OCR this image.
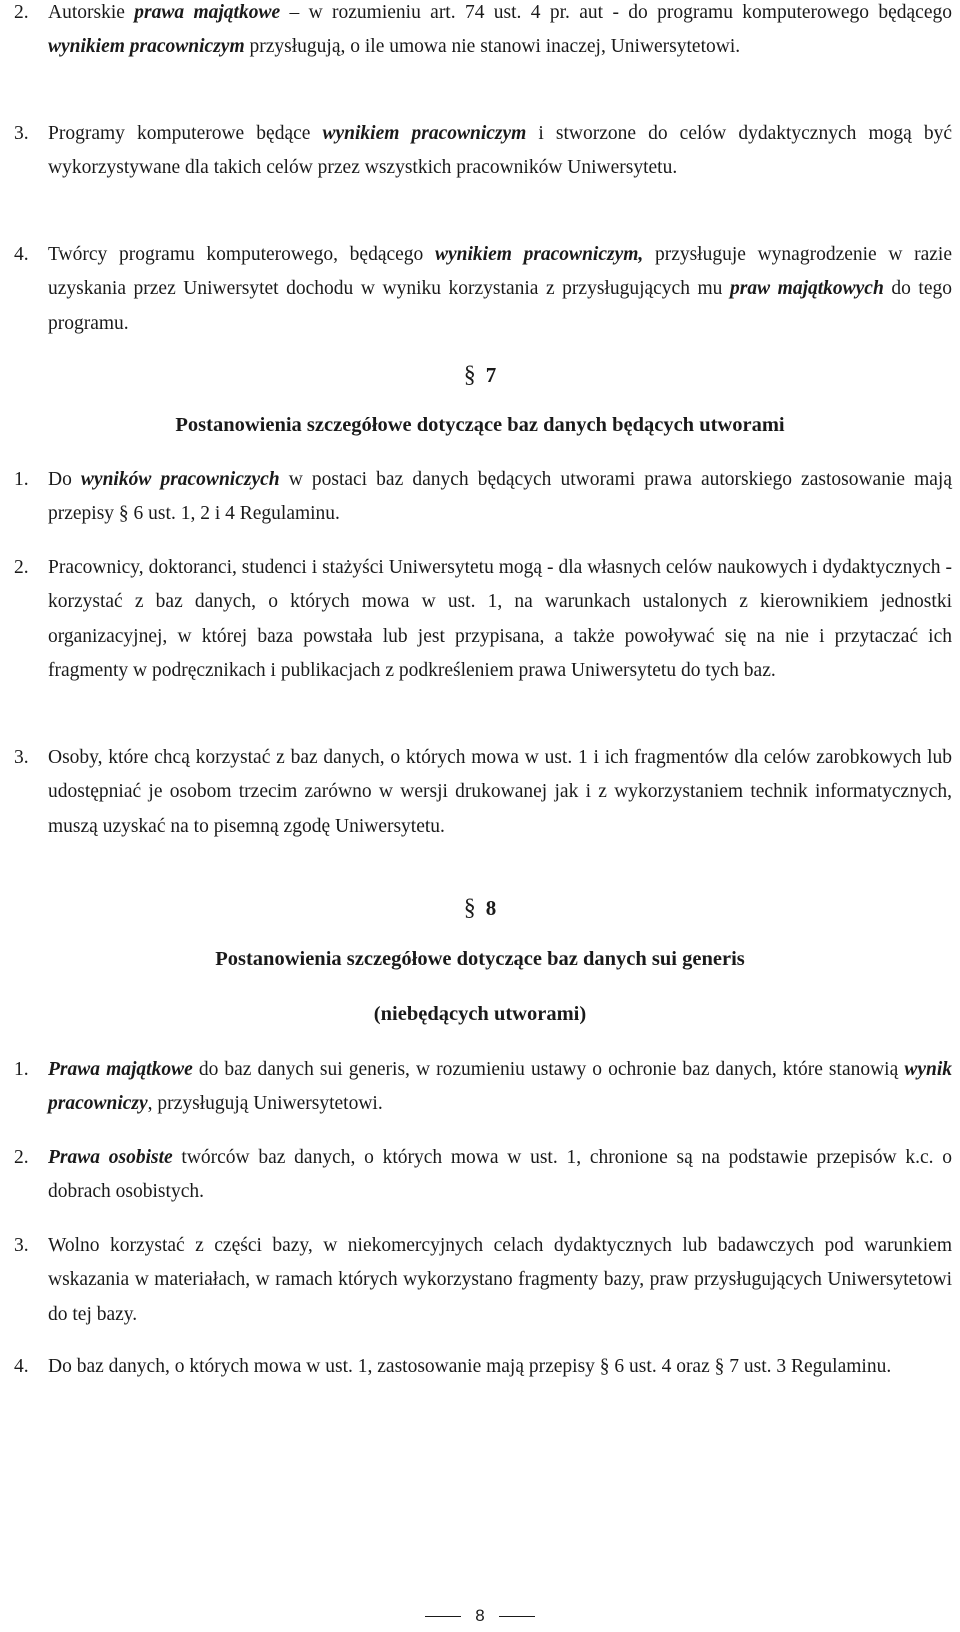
2. Autorskie prawa majątkowe – w rozumieniu art. 74 ust. 4 pr. aut - do programu komputerowego będącego wynikiem pracowniczym przysługują, o ile umowa nie stanowi inaczej, Uniwersytetowi.
3. Programy komputerowe będące wynikiem pracowniczym i stworzone do celów dydaktycznych mogą być wykorzystywane dla takich celów przez wszystkich pracowników Uniwersytetu.
4. Twórcy programu komputerowego, będącego wynikiem pracowniczym, przysługuje wynagrodzenie w razie uzyskania przez Uniwersytet dochodu w wyniku korzystania z przysługujących mu praw majątkowych do tego programu.
§ 7
Postanowienia szczegółowe dotyczące baz danych będących utworami
1. Do wyników pracowniczych w postaci baz danych będących utworami prawa autorskiego zastosowanie mają przepisy § 6 ust. 1, 2 i 4 Regulaminu.
2. Pracownicy, doktoranci, studenci i stażyści Uniwersytetu mogą - dla własnych celów naukowych i dydaktycznych - korzystać z baz danych, o których mowa w ust. 1, na warunkach ustalonych z kierownikiem jednostki organizacyjnej, w której baza powstała lub jest przypisana, a także powoływać się na nie i przytaczać ich fragmenty w podręcznikach i publikacjach z podkreśleniem prawa Uniwersytetu do tych baz.
3. Osoby, które chcą korzystać z baz danych, o których mowa w ust. 1 i ich fragmentów dla celów zarobkowych lub udostępniać je osobom trzecim zarówno w wersji drukowanej jak i z wykorzystaniem technik informatycznych, muszą uzyskać na to pisemną zgodę Uniwersytetu.
§ 8
Postanowienia szczegółowe dotyczące baz danych sui generis
(niebędących utworami)
1. Prawa majątkowe do baz danych sui generis, w rozumieniu ustawy o ochronie baz danych, które stanowią wynik pracowniczy, przysługują Uniwersytetowi.
2. Prawa osobiste twórców baz danych, o których mowa w ust. 1, chronione są na podstawie przepisów k.c. o dobrach osobistych.
3. Wolno korzystać z części bazy, w niekomercyjnych celach dydaktycznych lub badawczych pod warunkiem wskazania w materiałach, w ramach których wykorzystano fragmenty bazy, praw przysługujących Uniwersytetowi do tej bazy.
4. Do baz danych, o których mowa w ust. 1, zastosowanie mają przepisy § 6 ust. 4 oraz § 7 ust. 3 Regulaminu.
8
